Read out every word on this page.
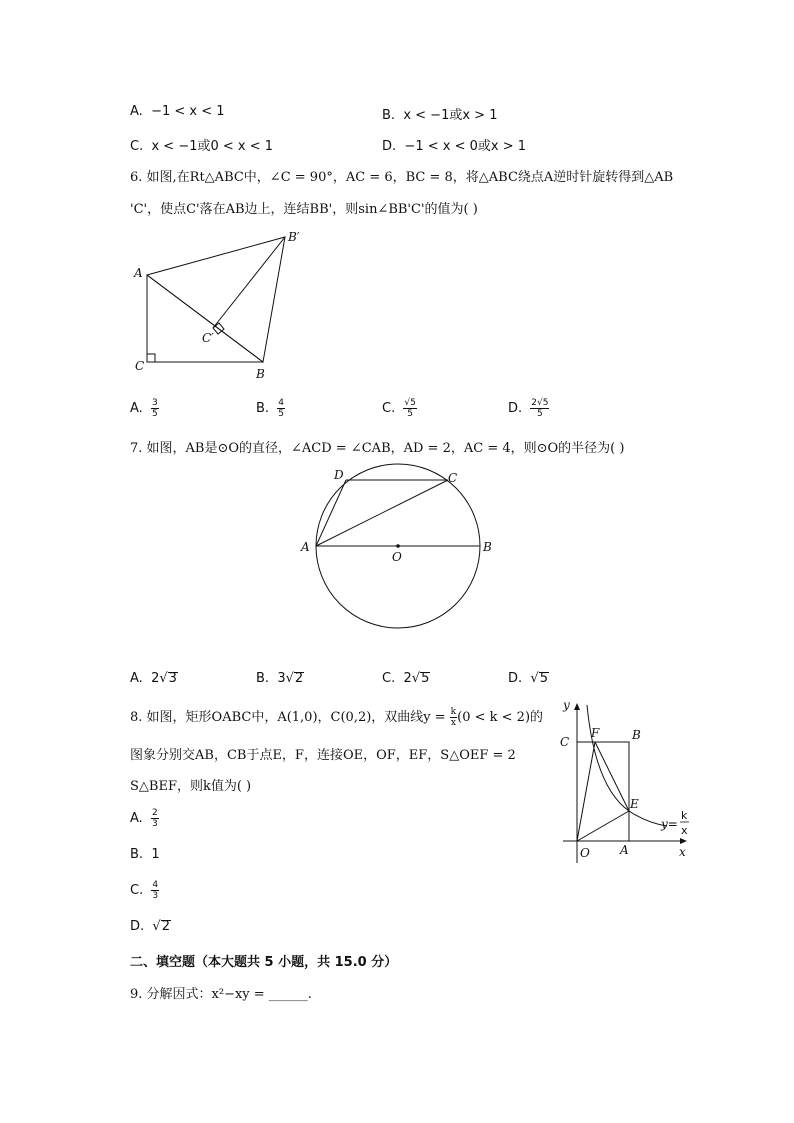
A. −1 < x < 1	B. x < −1或x > 1
C. x < −1或0 < x < 1	D. −1 < x < 0或x > 1
6. 如图,在Rt△ABC中，∠C = 90°，AC = 6，BC = 8，将△ABC绕点A逆时针旋转得到△AB
'C'，使点C'落在AB边上，连结BB'，则sin∠BB'C'的值为( )
A
C
B
B′
C′
A. $\frac{3}{5}$	B. $\frac{4}{5}$	C. $\frac{√5}{5}$	D. $\frac{2√5}{5}$
7. 如图，AB是⊙O的直径，∠ACD = ∠CAB，AD = 2，AC = 4，则⊙O的半径为( )
A	B
C
D
O
A. 2√3	B. 3√2	C. 2√5	D.  √5
8. 如图，矩形OABC中，A(1,0)，C(0,2)，双曲线$y = \frac{k}{x} (0 < k < 2)$的
图象分别交AB，CB于点E，F，连接OE，OF，EF，S△OEF = 2
S△BEF，则k值为( )
y
x
C
F	B
E
O	A
y=
k
x
A. $\frac{2}{3}$
B. 1
C. $\frac{4}{3}$
D.  √2
二、填空题（本大题共 5 小题，共 15.0 分）
9. 分解因式：x²−xy = ______.
